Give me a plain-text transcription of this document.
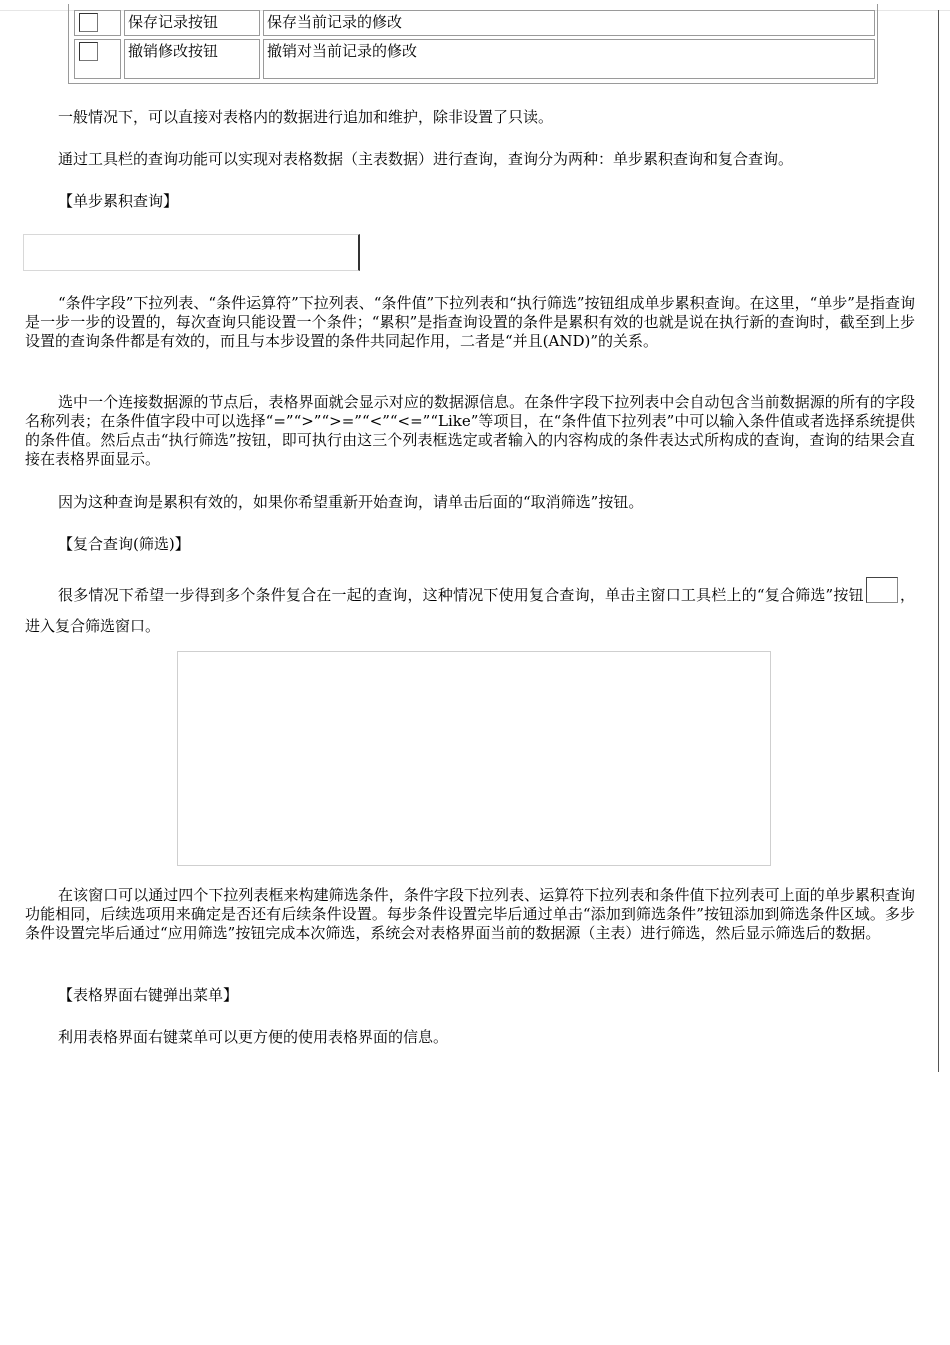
保存记录按钮	保存当前记录的修改
撤销修改按钮	撤销对当前记录的修改

一般情况下，可以直接对表格内的数据进行追加和维护，除非设置了只读。

通过工具栏的查询功能可以实现对表格数据（主表数据）进行查询，查询分为两种：单步累积查询和复合查询。

【单步累积查询】

“条件字段”下拉列表、“条件运算符”下拉列表、“条件值”下拉列表和“执行筛选”按钮组成单步累积查询。在这里，“单步”是指查询是一步一步的设置的，每次查询只能设置一个条件；“累积”是指查询设置的条件是累积有效的也就是说在执行新的查询时，截至到上步设置的查询条件都是有效的，而且与本步设置的条件共同起作用，二者是“并且(AND)”的关系。

选中一个连接数据源的节点后，表格界面就会显示对应的数据源信息。在条件字段下拉列表中会自动包含当前数据源的所有的字段名称列表；在条件值字段中可以选择“=”“>”“>=”“<”“<=”“Like”等项目，在“条件值下拉列表”中可以输入条件值或者选择系统提供的条件值。然后点击“执行筛选”按钮，即可执行由这三个列表框选定或者输入的内容构成的条件表达式所构成的查询，查询的结果会直接在表格界面显示。

因为这种查询是累积有效的，如果你希望重新开始查询，请单击后面的“取消筛选”按钮。

【复合查询(筛选)】

很多情况下希望一步得到多个条件复合在一起的查询，这种情况下使用复合查询，单击主窗口工具栏上的“复合筛选”按钮 ，进入复合筛选窗口。

在该窗口可以通过四个下拉列表框来构建筛选条件，条件字段下拉列表、运算符下拉列表和条件值下拉列表可上面的单步累积查询功能相同，后续选项用来确定是否还有后续条件设置。每步条件设置完毕后通过单击“添加到筛选条件”按钮添加到筛选条件区域。多步条件设置完毕后通过“应用筛选”按钮完成本次筛选，系统会对表格界面当前的数据源（主表）进行筛选，然后显示筛选后的数据。

【表格界面右键弹出菜单】

利用表格界面右键菜单可以更方便的使用表格界面的信息。
